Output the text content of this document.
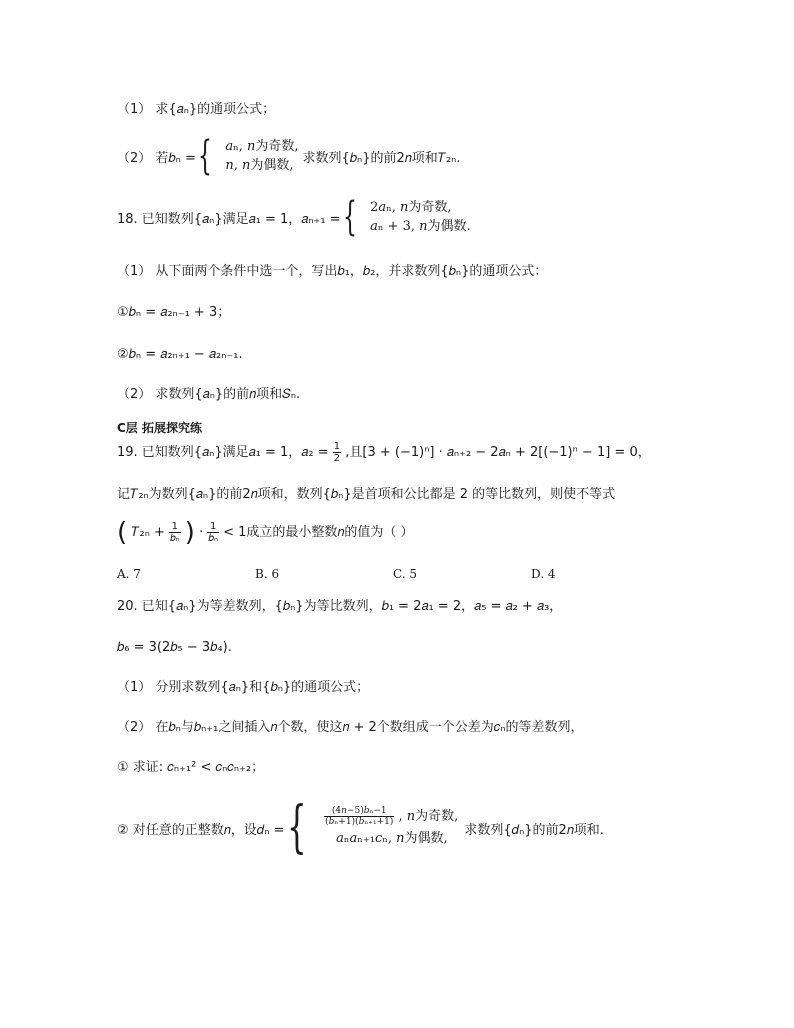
（1） 求{𝑎ₙ}的通项公式；
（2） 若𝑏ₙ = { 𝑎ₙ, 𝑛为奇数,
𝑛, 𝑛为偶数, 求数列{𝑏ₙ}的前2𝑛项和𝑇₂ₙ.
18. 已知数列{𝑎ₙ}满足𝑎₁ = 1，𝑎ₙ₊₁ = { 2𝑎ₙ, 𝑛为奇数,
𝑎ₙ + 3, 𝑛为偶数.
（1） 从下面两个条件中选一个，写出𝑏₁，𝑏₂，并求数列{𝑏ₙ}的通项公式：
①𝑏ₙ = 𝑎₂ₙ₋₁ + 3；
②𝑏ₙ = 𝑎₂ₙ₊₁ − 𝑎₂ₙ₋₁.
（2） 求数列{𝑎ₙ}的前𝑛项和𝑆ₙ.
C层 拓展探究练
19. 已知数列{𝑎ₙ}满足𝑎₁ = 1，𝑎₂ = $\frac{1}{2}$ ,且[3 + (−1)ⁿ] · 𝑎ₙ₊₂ − 2𝑎ₙ + 2[(−1)ⁿ − 1] = 0，
记𝑇₂ₙ为数列{𝑎ₙ}的前2𝑛项和，数列{𝑏ₙ}是首项和公比都是 2 的等比数列，则使不等式
( 𝑇₂ₙ + $\frac{1}{\text{𝑏ₙ}}$ ) · $\frac{1}{\text{𝑏ₙ}} < 1$成立的最小整数𝑛的值为（ ）
A. 7	B. 6	C. 5	D. 4
20. 已知{𝑎ₙ}为等差数列，{𝑏ₙ}为等比数列，𝑏₁ = 2𝑎₁ = 2，𝑎₅ = 𝑎₂ + 𝑎₃，
𝑏₆ = 3(2𝑏₅ − 3𝑏₄).
（1） 分别求数列{𝑎ₙ}和{𝑏ₙ}的通项公式；
（2） 在𝑏ₙ与𝑏ₙ₊₁之间插入𝑛个数，使这𝑛 + 2个数组成一个公差为𝑐ₙ的等差数列，
① 求证: 𝑐ₙ₊₁² < 𝑐ₙ𝑐ₙ₊₂；
② 对任意的正整数𝑛，设𝑑ₙ = { $\frac{\text{(4𝑛−5)𝑏ₙ−1}}{\text{(𝑏ₙ+1)(𝑏ₙ₊₁+1)}}$ , 𝑛为奇数,
𝑎ₙ𝑎ₙ₊₁𝑐ₙ, 𝑛为偶数,
求数列{𝑑ₙ}的前2𝑛项和.
